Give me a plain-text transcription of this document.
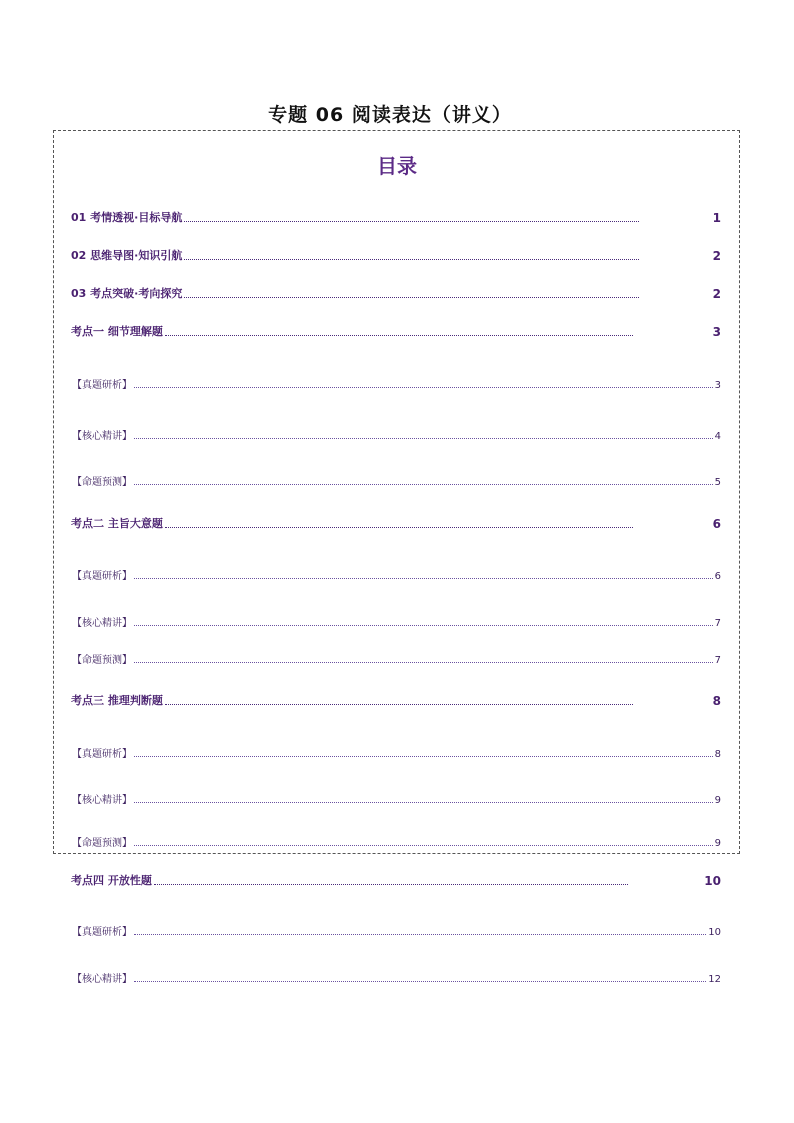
专题 06 阅读表达（讲义）
目录
01 考情透视·目标导航	1
02 思维导图·知识引航	2
03 考点突破·考向探究	2
考点一 细节理解题	3
【真题研析】	3
【核心精讲】	4
【命题预测】	5
考点二 主旨大意题	6
【真题研析】	6
【核心精讲】	7
【命题预测】	7
考点三 推理判断题	8
【真题研析】	8
【核心精讲】	9
【命题预测】	9
考点四 开放性题	10
【真题研析】	10
【核心精讲】	12
